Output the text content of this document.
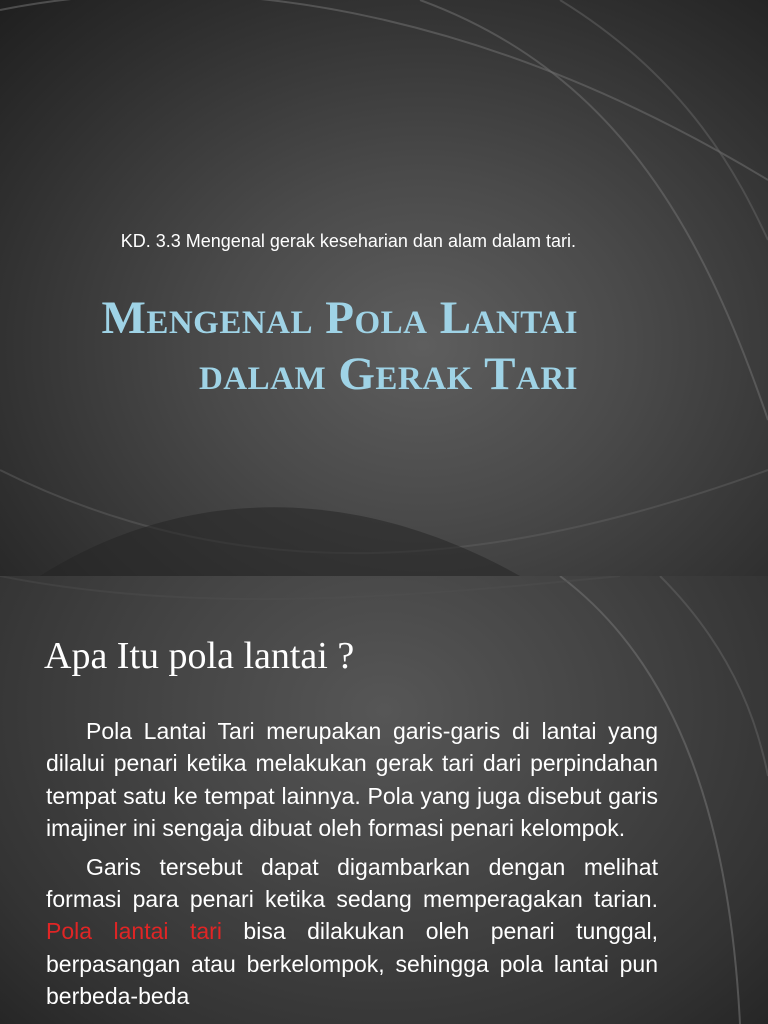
KD. 3.3 Mengenal gerak keseharian dan alam dalam tari.

Mengenal Pola Lantai dalam Gerak Tari
Apa Itu pola lantai ?

Pola Lantai Tari merupakan garis-garis di lantai yang dilalui penari ketika melakukan gerak tari dari perpindahan tempat satu ke tempat lainnya. Pola yang juga disebut garis imajiner ini sengaja dibuat oleh formasi penari kelompok.

Garis tersebut dapat digambarkan dengan melihat formasi para penari ketika sedang memperagakan tarian. Pola lantai tari bisa dilakukan oleh penari tunggal, berpasangan atau berkelompok, sehingga pola lantai pun berbeda-beda
